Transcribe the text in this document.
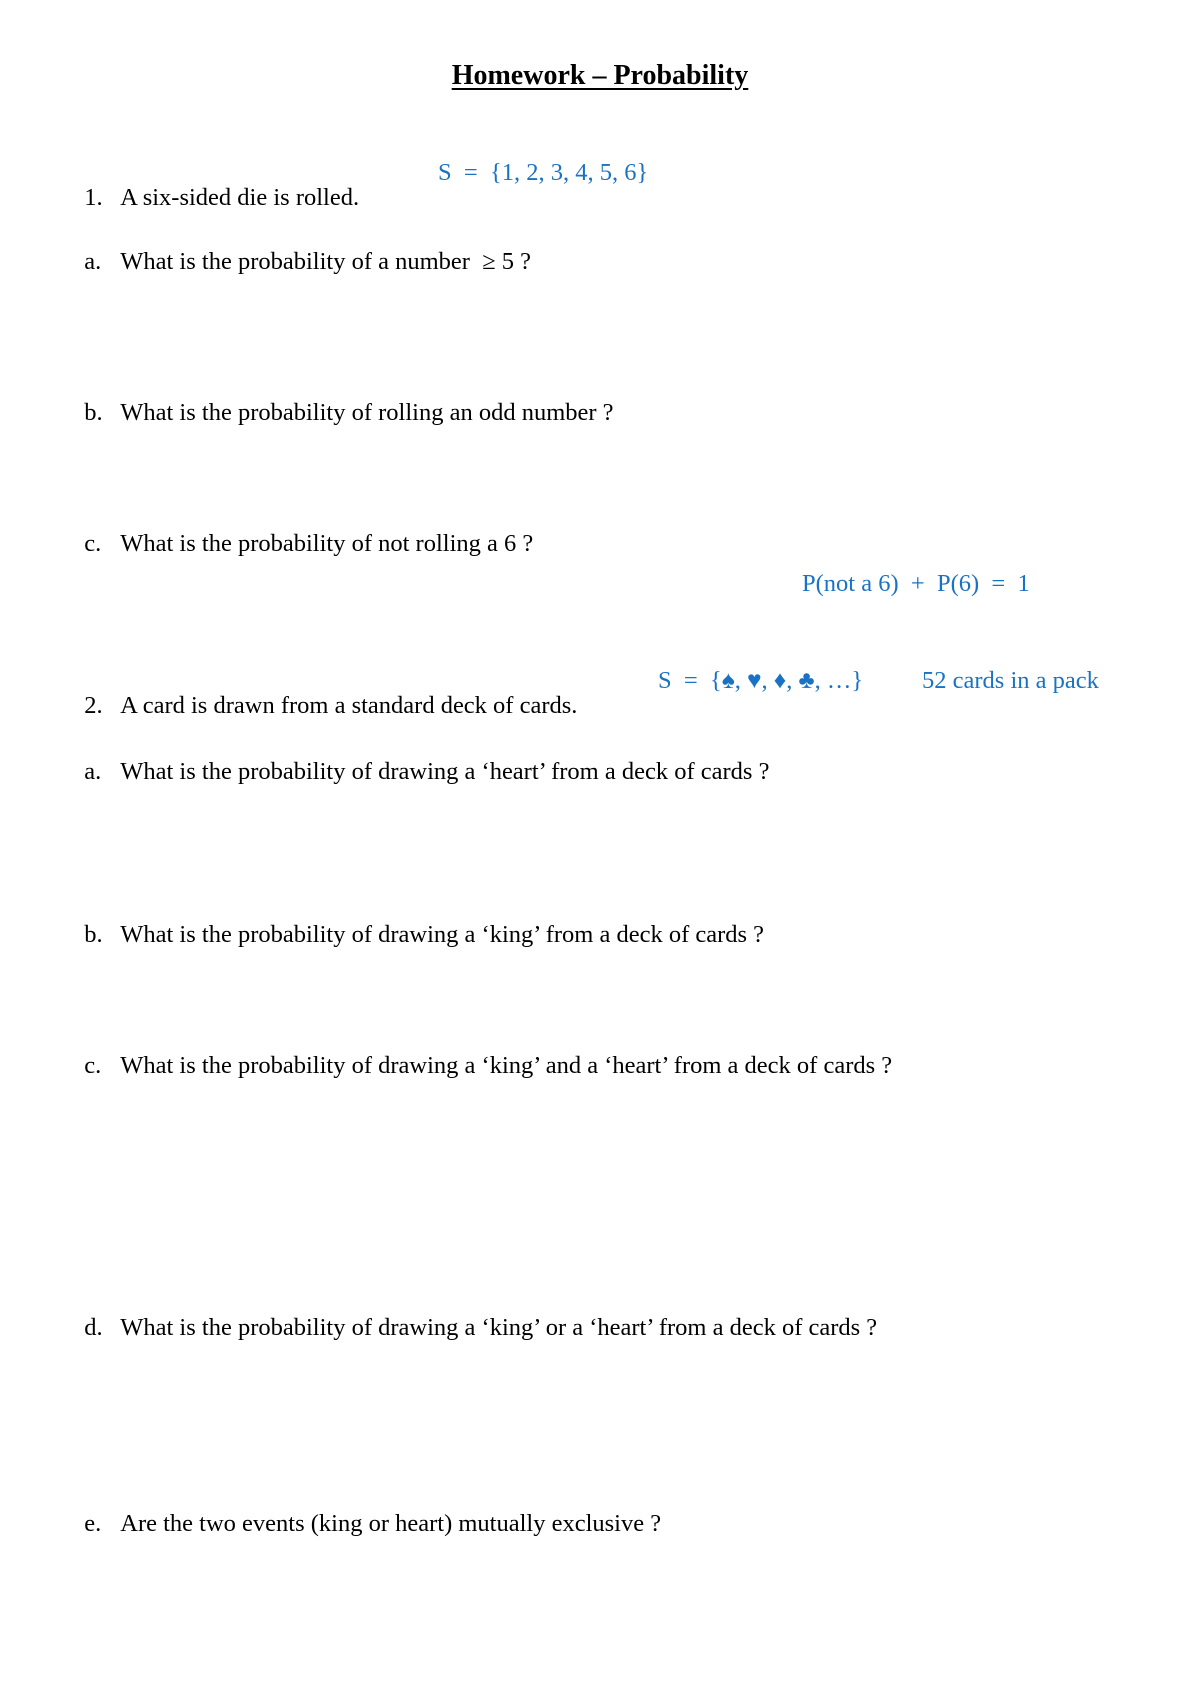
Homework – Probability

1. A six-sided die is rolled.

S  =  {1, 2, 3, 4, 5, 6}

a. What is the probability of a number  ≥ 5 ?

b. What is the probability of rolling an odd number ?

c. What is the probability of not rolling a 6 ?

P(not a 6)  +  P(6)  =  1

2. A card is drawn from a standard deck of cards.

S  =  {♠, ♥, ♦, ♣, …} 52 cards in a pack

a. What is the probability of drawing a ‘heart’ from a deck of cards ?

b. What is the probability of drawing a ‘king’ from a deck of cards ?

c. What is the probability of drawing a ‘king’ and a ‘heart’ from a deck of cards ?

d. What is the probability of drawing a ‘king’ or a ‘heart’ from a deck of cards ?

e. Are the two events (king or heart) mutually exclusive ?
